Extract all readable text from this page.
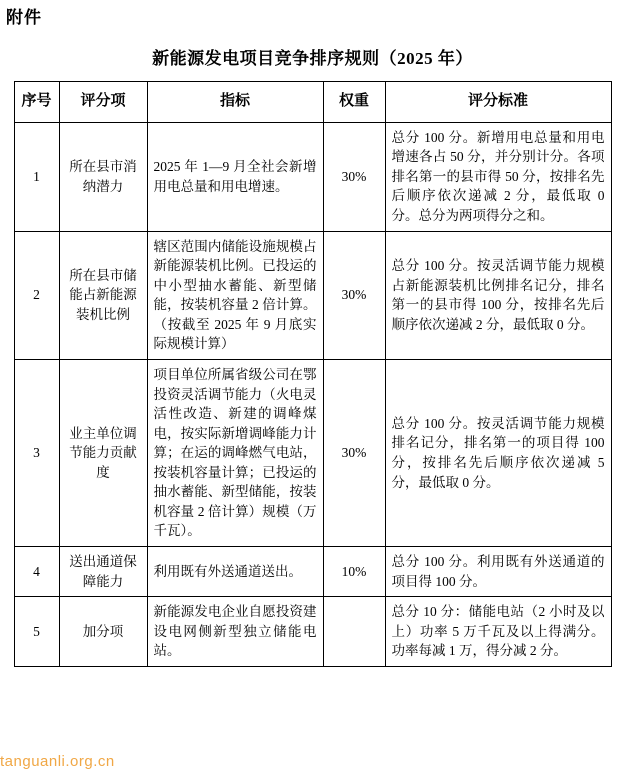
附件
新能源发电项目竞争排序规则（2025 年）
序号	评分项	指标	权重	评分标准
1	所在县市消纳潜力	2025 年 1—9 月全社会新增用电总量和用电增速。	30%	总分 100 分。新增用电总量和用电增速各占 50 分，并分别计分。各项排名第一的县市得 50 分，按排名先后顺序依次递减 2 分，最低取 0 分。总分为两项得分之和。
2	所在县市储能占新能源装机比例	辖区范围内储能设施规模占新能源装机比例。已投运的中小型抽水蓄能、新型储能，按装机容量 2 倍计算。（按截至 2025 年 9 月底实际规模计算）	30%	总分 100 分。按灵活调节能力规模占新能源装机比例排名记分，排名第一的县市得 100 分，按排名先后顺序依次递减 2 分，最低取 0 分。
3	业主单位调节能力贡献度	项目单位所属省级公司在鄂投资灵活调节能力（火电灵活性改造、新建的调峰煤电，按实际新增调峰能力计算；在运的调峰燃气电站，按装机容量计算；已投运的抽水蓄能、新型储能，按装机容量 2 倍计算）规模（万千瓦）。	30%	总分 100 分。按灵活调节能力规模排名记分，排名第一的项目得 100 分，按排名先后顺序依次递减 5 分，最低取 0 分。
4	送出通道保障能力	利用既有外送通道送出。	10%	总分 100 分。利用既有外送通道的项目得 100 分。
5	加分项	新能源发电企业自愿投资建设电网侧新型独立储能电站。		总分 10 分：储能电站（2 小时及以上）功率 5 万千瓦及以上得满分。功率每减 1 万，得分减 2 分。
tanguanli.org.cn
